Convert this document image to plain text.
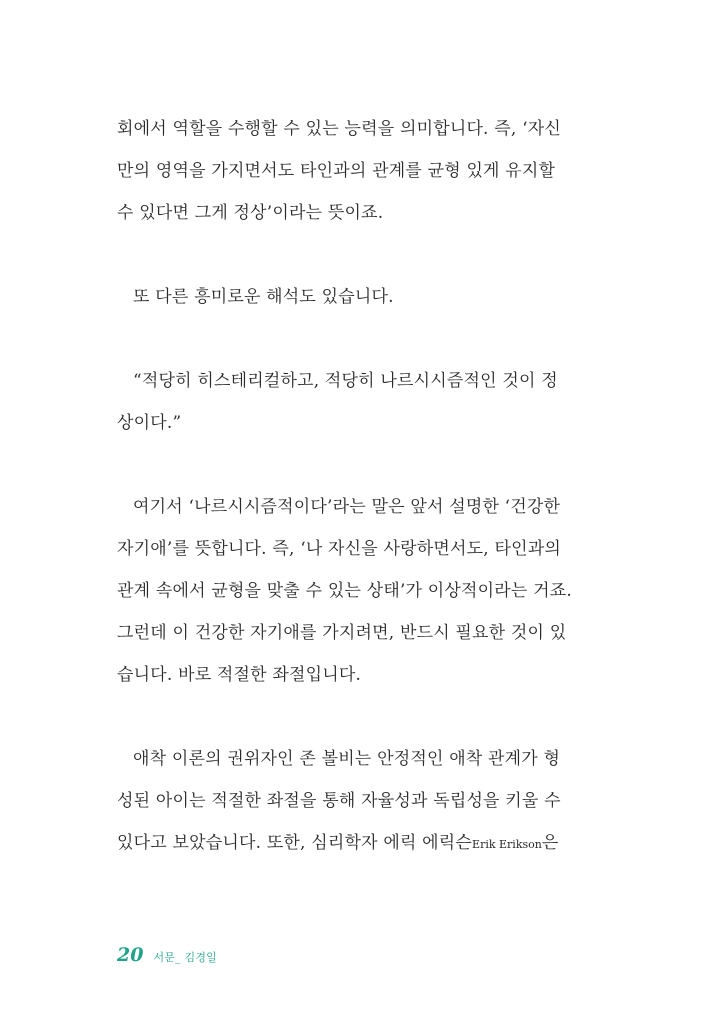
회에서 역할을 수행할 수 있는 능력을 의미합니다. 즉, ‘자신
만의 영역을 가지면서도 타인과의 관계를 균형 있게 유지할
수 있다면 그게 정상’이라는 뜻이죠.
또 다른 흥미로운 해석도 있습니다.
“적당히 히스테리컬하고, 적당히 나르시시즘적인 것이 정
상이다.”
여기서 ‘나르시시즘적이다’라는 말은 앞서 설명한 ‘건강한
자기애’를 뜻합니다. 즉, ‘나 자신을 사랑하면서도, 타인과의
관계 속에서 균형을 맞출 수 있는 상태’가 이상적이라는 거죠.
그런데 이 건강한 자기애를 가지려면, 반드시 필요한 것이 있
습니다. 바로 적절한 좌절입니다.
애착 이론의 권위자인 존 볼비는 안정적인 애착 관계가 형
성된 아이는 적절한 좌절을 통해 자율성과 독립성을 키울 수
있다고 보았습니다. 또한, 심리학자 에릭 에릭슨Erik Erikson은
20 서문_ 김경일
